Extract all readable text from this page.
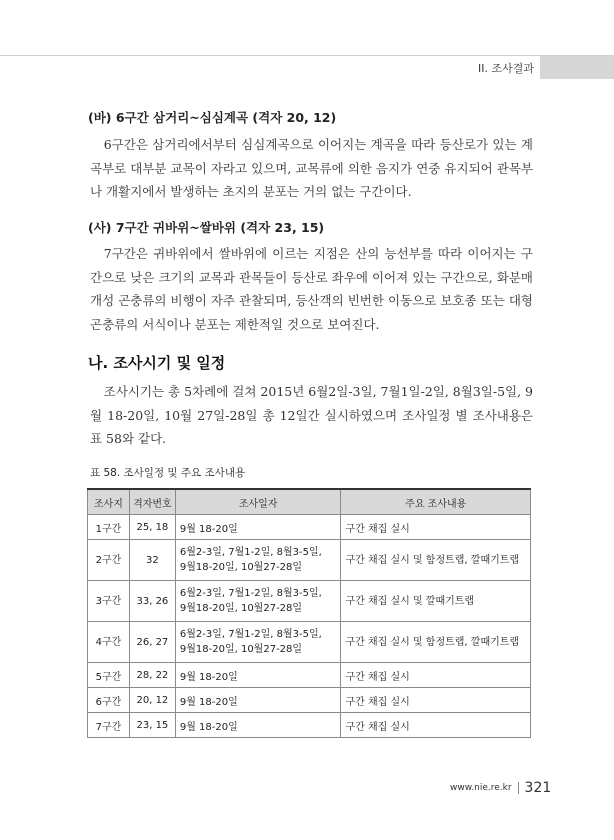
II. 조사결과
(바) 6구간 삼거리~심심계곡 (격자 20, 12)

6구간은 삼거리에서부터 심심계곡으로 이어지는 계곡을 따라 등산로가 있는 계곡부로 대부분 교목이 자라고 있으며, 교목류에 의한 음지가 연중 유지되어 관목부나 개활지에서 발생하는 초지의 분포는 거의 없는 구간이다.

(사) 7구간 귀바위~쌀바위 (격자 23, 15)

7구간은 귀바위에서 쌀바위에 이르는 지점은 산의 능선부를 따라 이어지는 구간으로 낮은 크기의 교목과 관목들이 등산로 좌우에 이어져 있는 구간으로, 화분매개성 곤충류의 비행이 자주 관찰되며, 등산객의 빈번한 이동으로 보호종 또는 대형 곤충류의 서식이나 분포는 제한적일 것으로 보여진다.

나. 조사시기 및 일정

조사시기는 총 5차례에 걸쳐 2015년 6월2일-3일, 7월1일-2일, 8월3일-5일, 9월 18-20일, 10월 27일-28일 총 12일간 실시하였으며 조사일정 별 조사내용은 표 58와 같다.

표 58. 조사일정 및 주요 조사내용
조사지	격자번호	조사일자	주요 조사내용
1구간	25, 18	9월 18-20일	구간 채집 실시
2구간	32	6월2-3일, 7월1-2일, 8월3-5일,
9월18-20일, 10월27-28일	구간 채집 실시 및 함정트랩, 깔때기트랩
3구간	33, 26	6월2-3일, 7월1-2일, 8월3-5일,
9월18-20일, 10월27-28일	구간 채집 실시 및 깔때기트랩
4구간	26, 27	6월2-3일, 7월1-2일, 8월3-5일,
9월18-20일, 10월27-28일	구간 채집 실시 및 함정트랩, 깔때기트랩
5구간	28, 22	9월 18-20일	구간 채집 실시
6구간	20, 12	9월 18-20일	구간 채집 실시
7구간	23, 15	9월 18-20일	구간 채집 실시
www.nie.re.kr 321
